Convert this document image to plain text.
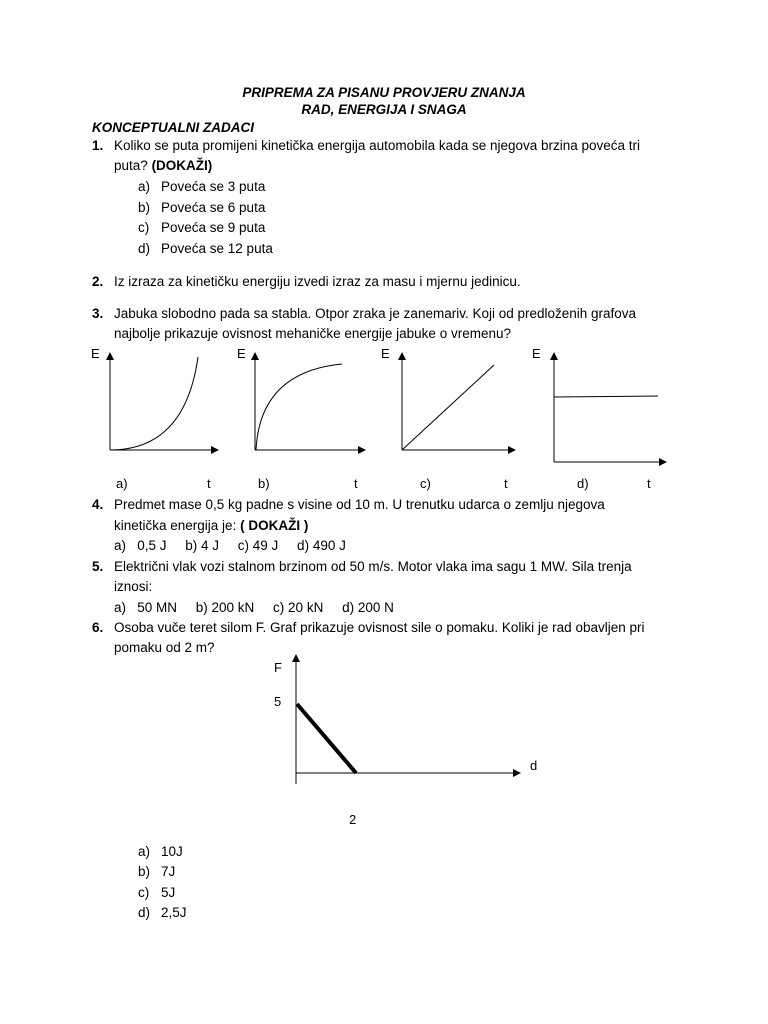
PRIPREMA ZA PISANU PROVJERU ZNANJA
RAD, ENERGIJA I SNAGA
KONCEPTUALNI ZADACI
1. Koliko se puta promijeni kinetička energija automobila kada se njegova brzina poveća tri
puta? (DOKAŽI)
a) Poveća se 3 puta
b) Poveća se 6 puta
c) Poveća se 9 puta
d) Poveća se 12 puta
2. Iz izraza za kinetičku energiju izvedi izraz za masu i mjernu jedinicu.
3. Jabuka slobodno pada sa stabla. Otpor zraka je zanemariv. Koji od predloženih grafova
najbolje prikazuje ovisnost mehaničke energije jabuke o vremenu?
E
a)	t
E
b)	t
E
c)	t
E
d)	t
4. Predmet mase 0,5 kg padne s visine od 10 m. U trenutku udarca o zemlju njegova
kinetička energija je: ( DOKAŽI )
a)   0,5 J     b) 4 J     c) 49 J     d) 490 J
5. Električni vlak vozi stalnom brzinom od 50 m/s. Motor vlaka ima sagu 1 MW. Sila trenja
iznosi:
a)   50 MN     b) 200 kN     c) 20 kN     d) 200 N
6. Osoba vuče teret silom F. Graf prikazuje ovisnost sile o pomaku. Koliki je rad obavljen pri
pomaku od 2 m?
F
5
d
2
a) 10J
b) 7J
c) 5J
d) 2,5J
